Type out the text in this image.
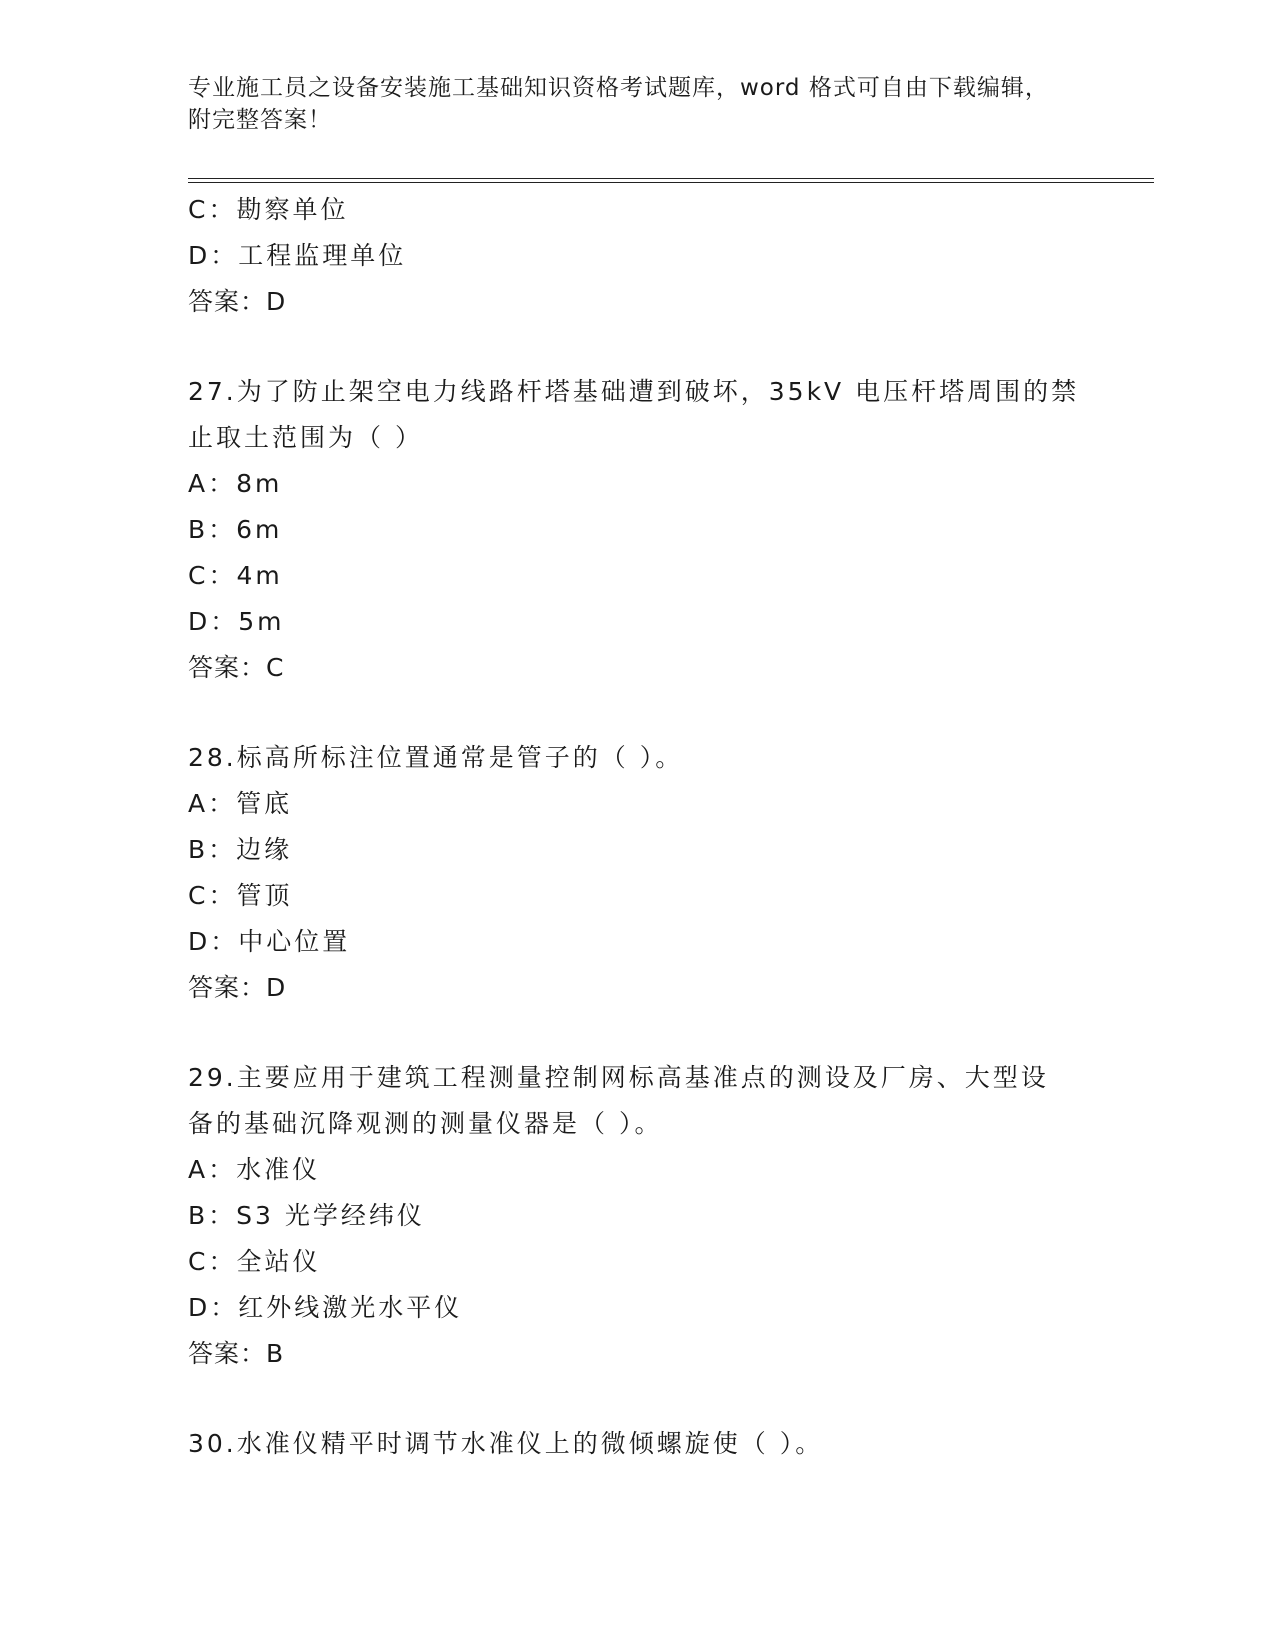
专业施工员之设备安装施工基础知识资格考试题库，word 格式可自由下载编辑，
附完整答案！
C：勘察单位
D：工程监理单位
答案：D
27.为了防止架空电力线路杆塔基础遭到破坏，35kV 电压杆塔周围的禁
止取土范围为（ ）
A：8m
B：6m
C：4m
D：5m
答案：C
28.标高所标注位置通常是管子的（ ）。
A：管底
B：边缘
C：管顶
D：中心位置
答案：D
29.主要应用于建筑工程测量控制网标高基准点的测设及厂房、大型设
备的基础沉降观测的测量仪器是（ ）。
A：水准仪
B：S3 光学经纬仪
C：全站仪
D：红外线激光水平仪
答案：B
30.水准仪精平时调节水准仪上的微倾螺旋使（ ）。
